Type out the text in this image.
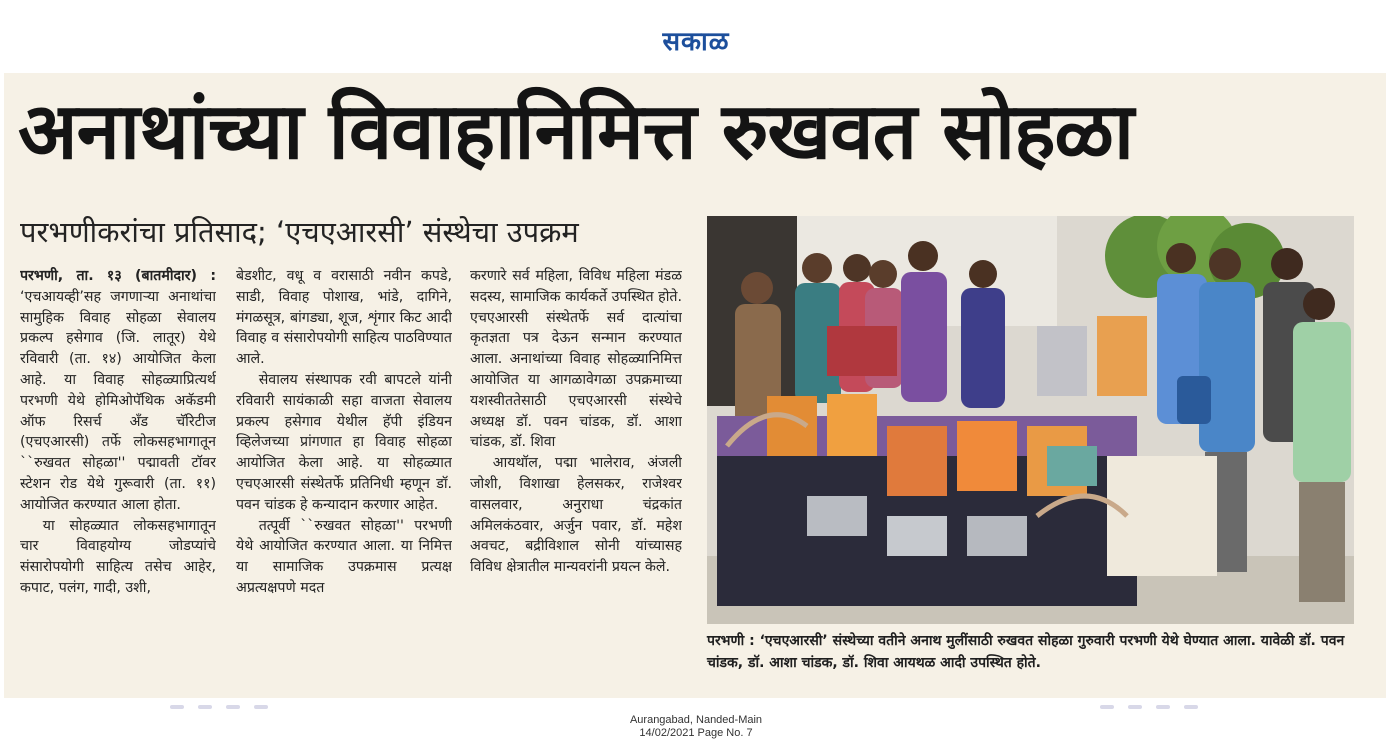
सकाळ
अनाथांच्या विवाहानिमित्त रुखवत सोहळा
परभणीकरांचा प्रतिसाद; ‘एचएआरसी’ संस्थेचा उपक्रम

परभणी, ता. १३ (बातमीदार) : ‘एचआयव्ही’सह जगणाऱ्या अनाथांचा सामुहिक विवाह सोहळा सेवालय प्रकल्प हसेगाव (जि. लातूर) येथे रविवारी (ता. १४) आयोजित केला आहे. या विवाह सोहळ्याप्रित्यर्थ परभणी येथे होमिओपॅथिक अकॅडमी ऑफ रिसर्च अँड चॅरिटीज (एचएआरसी) तर्फे लोकसहभागातून ``रुखवत सोहळा'' पद्मावती टॉवर स्टेशन रोड येथे गुरूवारी (ता. ११) आयोजित करण्यात आला होता.

या सोहळ्यात लोकसहभागातून चार विवाहयोग्य जोडप्यांचे संसारोपयोगी साहित्य तसेच आहेर, कपाट, पलंग, गादी, उशी,

बेडशीट, वधू व वरासाठी नवीन कपडे, साडी, विवाह पोशाख, भांडे, दागिने, मंगळसूत्र, बांगड्या, शूज, शृंगार किट आदी विवाह व संसारोपयोगी साहित्य पाठविण्यात आले.

सेवालय संस्थापक रवी बापटले यांनी रविवारी सायंकाळी सहा वाजता सेवालय प्रकल्प हसेगाव येथील हॅपी इंडियन व्हिलेजच्या प्रांगणात हा विवाह सोहळा आयोजित केला आहे. या सोहळ्यात एचएआरसी संस्थेतर्फे प्रतिनिधी म्हणून डॉ. पवन चांडक हे कन्यादान करणार आहेत.

तत्पूर्वी ``रुखवत सोहळा'' परभणी येथे आयोजित करण्यात आला. या निमित्त या सामाजिक उपक्रमास प्रत्यक्ष अप्रत्यक्षपणे मदत

करणारे सर्व महिला, विविध महिला मंडळ सदस्य, सामाजिक कार्यकर्ते उपस्थित होते. एचएआरसी संस्थेतर्फे सर्व दात्यांचा कृतज्ञता पत्र देऊन सन्मान करण्यात आला. अनाथांच्या विवाह सोहळ्यानिमित्त आयोजित या आगळावेगळा उपक्रमाच्या यशस्वीततेसाठी एचएआरसी संस्थेचे अध्यक्ष डॉ. पवन चांडक, डॉ. आशा चांडक, डॉ. शिवा

आयथॉल, पद्मा भालेराव, अंजली जोशी, विशाखा हेलसकर, राजेश्वर वासलवार, अनुराधा चंद्रकांत अमिलकंठवार, अर्जुन पवार, डॉ. महेश अवचट, बद्रीविशाल सोनी यांच्यासह विविध क्षेत्रातील मान्यवरांनी प्रयत्न केले.

परभणी : ‘एचएआरसी’ संस्थेच्या वतीने अनाथ मुलींसाठी रुखवत सोहळा गुरुवारी परभणी येथे घेण्यात आला. यावेळी डॉ. पवन चांडक, डॉ. आशा चांडक, डॉ. शिवा आयथळ आदी उपस्थित होते.
Aurangabad, Nanded-Main
14/02/2021 Page No. 7
